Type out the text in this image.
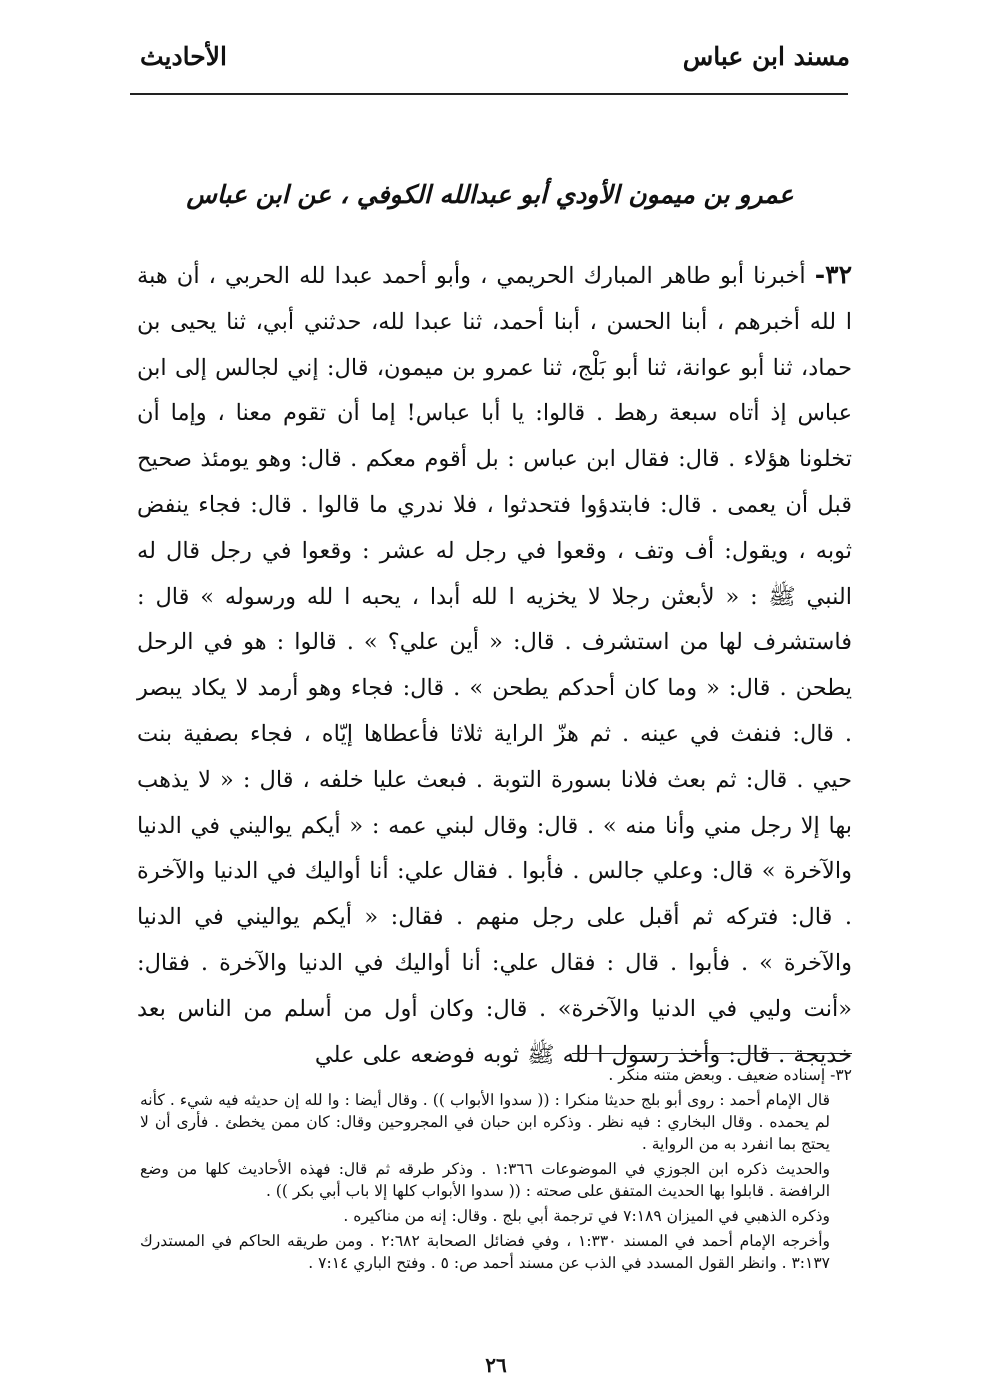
مسند ابن عباس
الأحاديث
عمرو بن ميمون الأودي أبو عبدالله الكوفي ، عن ابن عباس

٣٢- أخبرنا أبو طاهر المبارك الحريمي ، وأبو أحمد عبدا لله الحربي ، أن هبة ا لله أخبرهم ، أبنا الحسن ، أبنا أحمد، ثنا عبدا لله، حدثني أبي، ثنا يحيى بن حماد، ثنا أبو عوانة، ثنا أبو بَلْج، ثنا عمرو بن ميمون، قال: إني لجالس إلى ابن عباس إذ أتاه سبعة رهط . قالوا: يا أبا عباس! إما أن تقوم معنا ، وإما أن تخلونا هؤلاء . قال: فقال ابن عباس : بل أقوم معكم . قال: وهو يومئذ صحيح قبل أن يعمى . قال: فابتدؤوا فتحدثوا ، فلا ندري ما قالوا . قال: فجاء ينفض ثوبه ، ويقول: أف وتف ، وقعوا في رجل له عشر : وقعوا في رجل قال له النبي ﷺ : « لأبعثن رجلا لا يخزيه ا لله أبدا ، يحبه ا لله ورسوله » قال : فاستشرف لها من استشرف . قال: « أين علي؟ » . قالوا : هو في الرحل يطحن . قال: « وما كان أحدكم يطحن » . قال: فجاء وهو أرمد لا يكاد يبصر . قال: فنفث في عينه . ثم هزّ الراية ثلاثا فأعطاها إيّاه ، فجاء بصفية بنت حيي . قال: ثم بعث فلانا بسورة التوبة . فبعث عليا خلفه ، قال : « لا يذهب بها إلا رجل مني وأنا منه » . قال: وقال لبني عمه : « أيكم يواليني في الدنيا والآخرة » قال: وعلي جالس . فأبوا . فقال علي: أنا أواليك في الدنيا والآخرة . قال: فتركه ثم أقبل على رجل منهم . فقال: « أيكم يواليني في الدنيا والآخرة » . فأبوا . قال : فقال علي: أنا أواليك في الدنيا والآخرة . فقال: «أنت وليي في الدنيا والآخرة» . قال: وكان أول من أسلم من الناس بعد خديجة . قال: وأخذ رسول ا لله ﷺ ثوبه فوضعه على علي

٣٢- إسناده ضعيف . وبعض متنه منكر .

قال الإمام أحمد : روى أبو بلج حديثا منكرا : (( سدوا الأبواب )) . وقال أيضا : وا لله إن حديثه فيه شيء . كأنه لم يحمده . وقال البخاري : فيه نظر . وذكره ابن حبان في المجروحين وقال: كان ممن يخطئ . فأرى أن لا يحتج بما انفرد به من الرواية .

والحديث ذكره ابن الجوزي في الموضوعات ١:٣٦٦ . وذكر طرقه ثم قال: فهذه الأحاديث كلها من وضع الرافضة . قابلوا بها الحديث المتفق على صحته : (( سدوا الأبواب كلها إلا باب أبي بكر )) .

وذكره الذهبي في الميزان ٧:١٨٩ في ترجمة أبي بلج . وقال: إنه من مناكيره .

وأخرجه الإمام أحمد في المسند ١:٣٣٠ ، وفي فضائل الصحابة ٢:٦٨٢ . ومن طريقه الحاكم في المستدرك ٣:١٣٧ . وانظر القول المسدد في الذب عن مسند أحمد ص: ٥ . وفتح الباري ٧:١٤ .

٢٦
